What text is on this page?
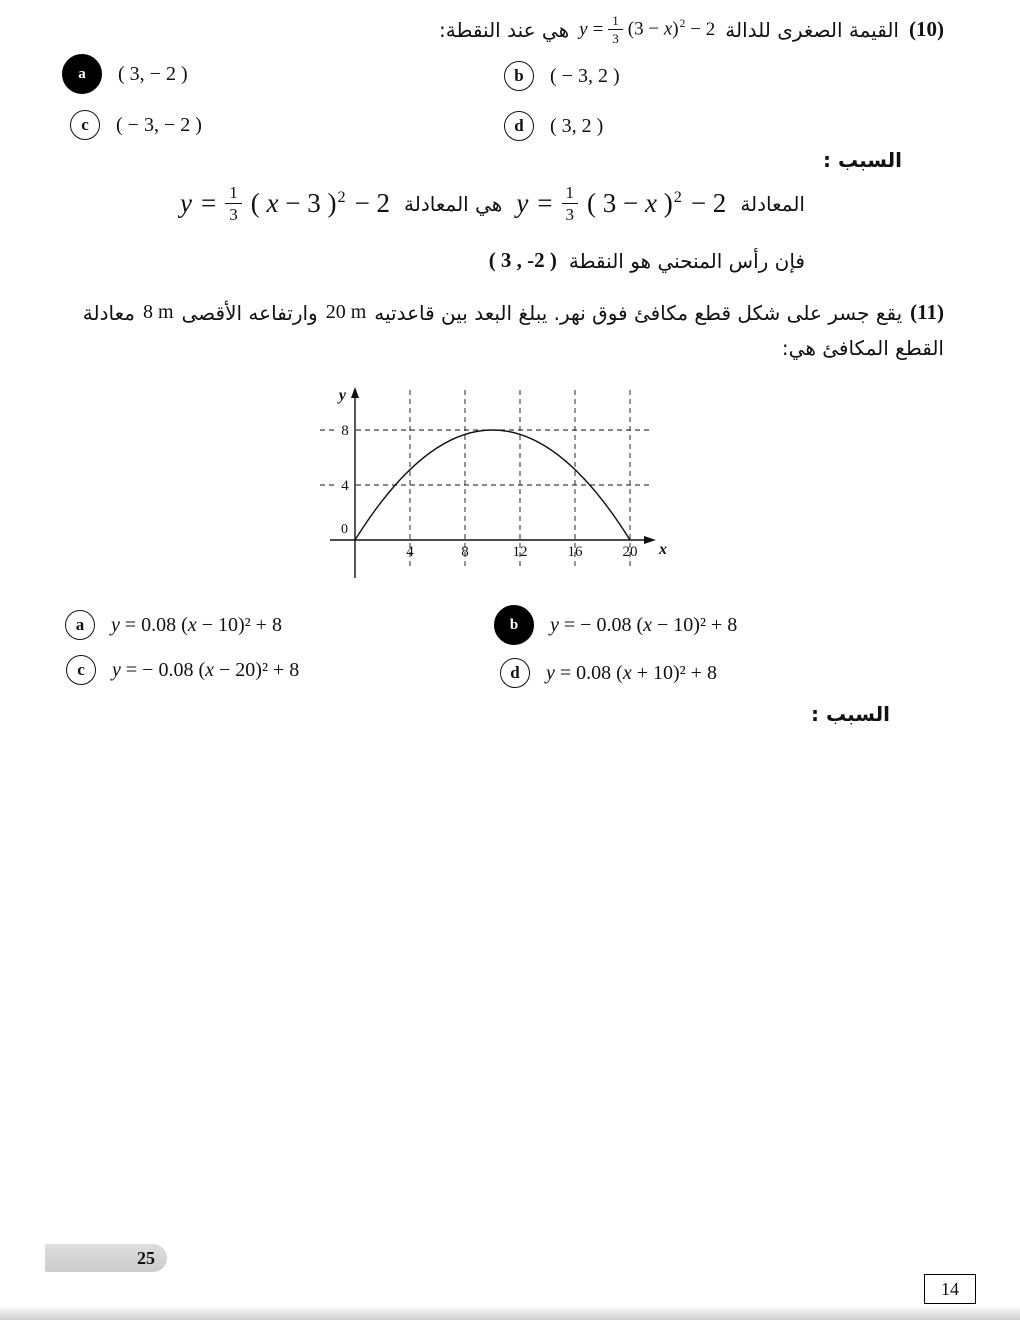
(10)
القيمة الصغرى للدالة
$y = \frac{1}{3} (3 - x)^2 - 2$
هي عند النقطة:
a	( 3, − 2 )	b	( − 3, 2 )
c	( − 3, − 2 )	d	( 3, 2 )
السبب :
المعادلة
$y = \frac{1}{3}$ ( 3 − x )$^2$ − 2
هي المعادلة
$y = \frac{1}{3}$ ( x − 3 )$^2$ − 2
فإن رأس المنحني هو النقطة
( 3 , -2 )
(11)
يقع جسر على شكل قطع مكافئ فوق نهر. يبلغ البعد بين قاعدتيه
20 m
وارتفاعه الأقصى
8 m
معادلة
القطع المكافئ هي:
4	8	12	16	20
4
8
y
x
0
a	y = 0.08 (x − 10)² + 8	b	y = − 0.08 (x − 10)² + 8
c	y = − 0.08 (x − 20)² + 8	d	y = 0.08 (x + 10)² + 8
السبب :
25
14
